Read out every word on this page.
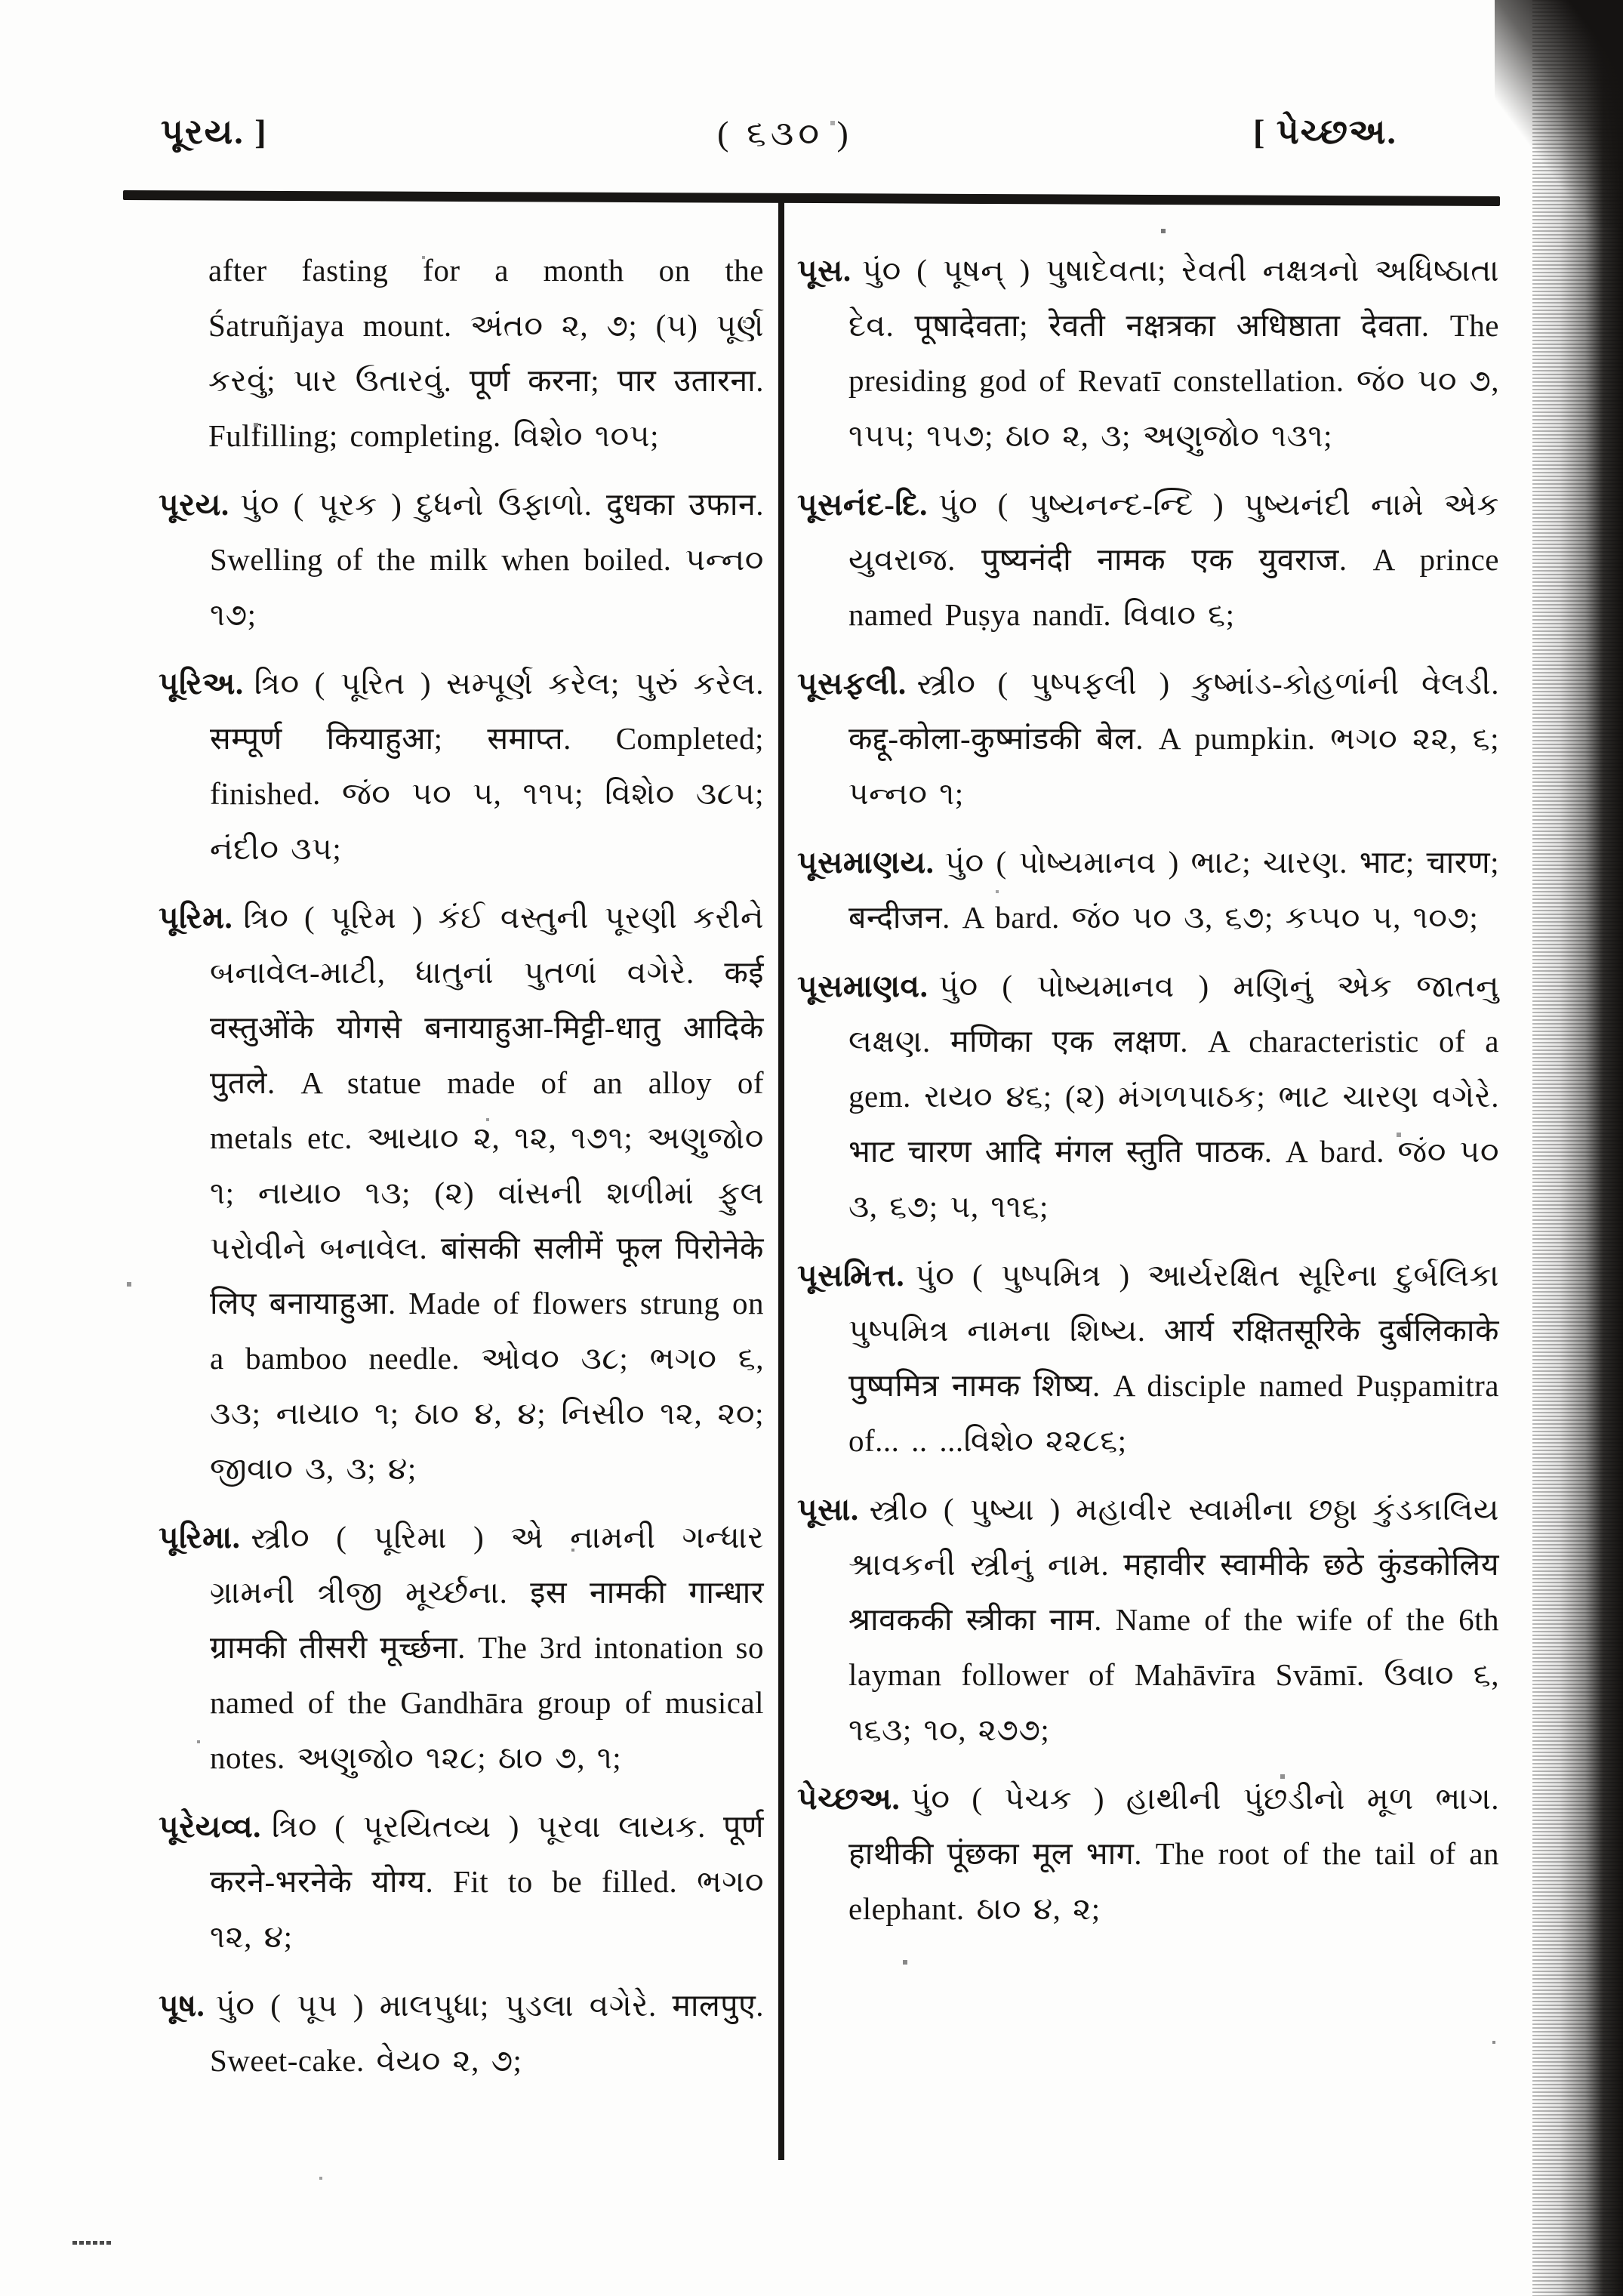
પૂરય. ]	( ૬૩૦ )	[ પેચ્છઅ.

after fasting for a month on the Śatruñjaya mount. અંત૦ ૨, ૭; (૫) પૂર્ણ કરવું; પાર ઉતારવું. पूर्ण करना; पार उतारना. Fulfilling; completing. વિશે૦ ૧૦૫;

પૂરય. પું૦ ( પૂરક ) દુધનો ઉફાળો. दुधका उफान. Swelling of the milk when boiled. પન્ન૦ ૧૭;

પૂરિઅ. ત્રિ૦ ( પૂરિત ) સમ્પૂર્ણ કરેલ; પુરું કરેલ. सम्पूर्ण कियाहुआ; समाप्त. Completed; finished. જં૦ ૫૦ ૫, ૧૧૫; વિશે૦ ૩૮૫; નંદી૦ ૩૫;

પૂરિમ. ત્રિ૦ ( પૂરિમ ) કંઈ વસ્તુની પૂરણી કરીને બનાવેલ-માટી, ધાતુનાં પુતળાં વગેરે. कई वस्तुओंके योगसे बनायाहुआ-मिट्टी-धातु आदिके पुतले. A statue made of an alloy of metals etc. આયા૦ ૨, ૧૨, ૧૭૧; અણુજો૦ ૧; નાયા૦ ૧૩; (૨) વાંસની શળીમાં ફુલ પરોવીને બનાવેલ. बांसकी सलीमें फूल पिरोनेके लिए बनायाहुआ. Made of flowers strung on a bamboo needle. ઓવ૦ ૩૮; ભગ૦ ૬, ૩૩; નાયા૦ ૧; ઠા૦ ૪, ૪; નિસી૦ ૧૨, ૨૦; જીવા૦ ૩, ૩; ૪;

પૂરિમા. સ્ત્રી૦ ( પૂરિમા ) એ નામની ગન્ધાર ગ્રામની ત્રીજી મૂર્ચ્છના. इस नामकी गान्धार ग्रामकी तीसरी मूर्च्छना. The 3rd intonation so named of the Gandhāra group of musical notes. અણુજો૦ ૧૨૮; ઠા૦ ૭, ૧;

પૂરેયવ્વ. ત્રિ૦ ( પૂરયિતવ્ય ) પૂરવા લાયક. पूर्ण करने-भरनेके योग्य. Fit to be filled. ભગ૦ ૧૨, ૪;

પૂષ. પું૦ ( પૂપ ) માલપુધા; પુડલા વગેરે. मालपुए. Sweet-cake. વેય૦ ૨, ૭;

પૂસ. પું૦ ( પૂષન્ ) પુષાદેવતા; રેવતી નક્ષત્રનો અધિષ્ઠાતા દેવ. पूषादेवता; रेवती नक्षत्रका अधिष्ठाता देवता. The presiding god of Revatī constellation. જં૦ ૫૦ ૭, ૧૫૫; ૧૫૭; ઠા૦ ૨, ૩; અણુજો૦ ૧૩૧;

પૂસનંદ-દિ. પું૦ ( પુષ્યનન્દ-ન્દિ ) પુષ્યનંદી નામે એક યુવરાજ. पुष्यनंदी नामक एक युवराज. A prince named Puṣya nandī. વિવા૦ ૬;

પૂસફલી. સ્ત્રી૦ ( પુષ્પફલી ) કુષ્માંડ-કોહળાંની વેલડી. कद्दू-कोला-कुष्मांडकी बेल. A pumpkin. ભગ૦ ૨૨, ૬; પન્ન૦ ૧;

પૂસમાણય. પું૦ ( પોષ્યમાનવ ) ભાટ; ચારણ. भाट; चारण; बन्दीजन. A bard. જં૦ ૫૦ ૩, ૬૭; કપ્પ૦ ૫, ૧૦૭;

પૂસમાણવ. પું૦ ( પોષ્યમાનવ ) મણિનું એક જાતનુ લક્ષણ. मणिका एक लक्षण. A characteristic of a gem. રાય૦ ૪૬; (૨) મંગળપાઠક; ભાટ ચારણ વગેરે. भाट चारण आदि मंगल स्तुति पाठक. A bard. જં૦ ૫૦ ૩, ૬૭; ૫, ૧૧૬;

પૂસમિત્ત. પું૦ ( પુષ્પમિત્ર ) આર્યરક્ષિત સૂરિના દુર્બલિકા પુષ્પમિત્ર નામના શિષ્ય. आर्य रक्षितसूरिके दुर्बलिकाके पुष्पमित्र नामक शिष्य. A disciple named Puṣpamitra of... .. ...વિશે૦ ૨૨૮૬;

પૂસા. સ્ત્રી૦ ( પુષ્યા ) મહાવીર સ્વામીના છઠ્ઠા કુંડકાલિય શ્રાવકની સ્ત્રીનું નામ. महावीर स्वामीके छठे कुंडकोलिय श्रावककी स्त्रीका नाम. Name of the wife of the 6th layman follower of Mahāvīra Svāmī. ઉવા૦ ૬, ૧૬૩; ૧૦, ૨૭૭;

પેચ્છઅ. પું૦ ( પેચક ) હાથીની પુંછડીનો મૂળ ભાગ. हाथीकी पूंछका मूल भाग. The root of the tail of an elephant. ઠા૦ ૪, ૨;
